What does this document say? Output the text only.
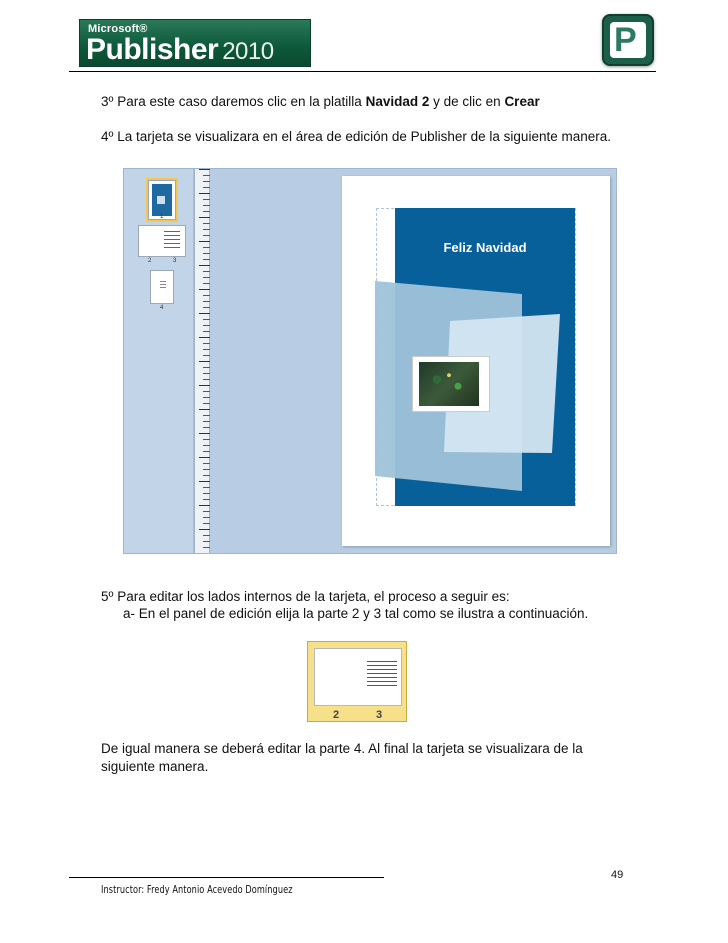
Microsoft®
Publisher 2010	P

3º Para este caso daremos clic en la platilla Navidad 2 y de clic en Crear

4º La tarjeta se visualizara en el área de edición de Publisher de la siguiente manera.

1
2	3
4
Feliz Navidad

5º Para editar los lados internos de la tarjeta, el proceso a seguir es:

a- En el panel de edición elija la parte 2 y 3 tal como se ilustra a continuación.

2	3

De igual manera se deberá editar la parte 4. Al final la tarjeta se visualizara de la siguiente manera.

49
Instructor: Fredy Antonio Acevedo Domínguez
